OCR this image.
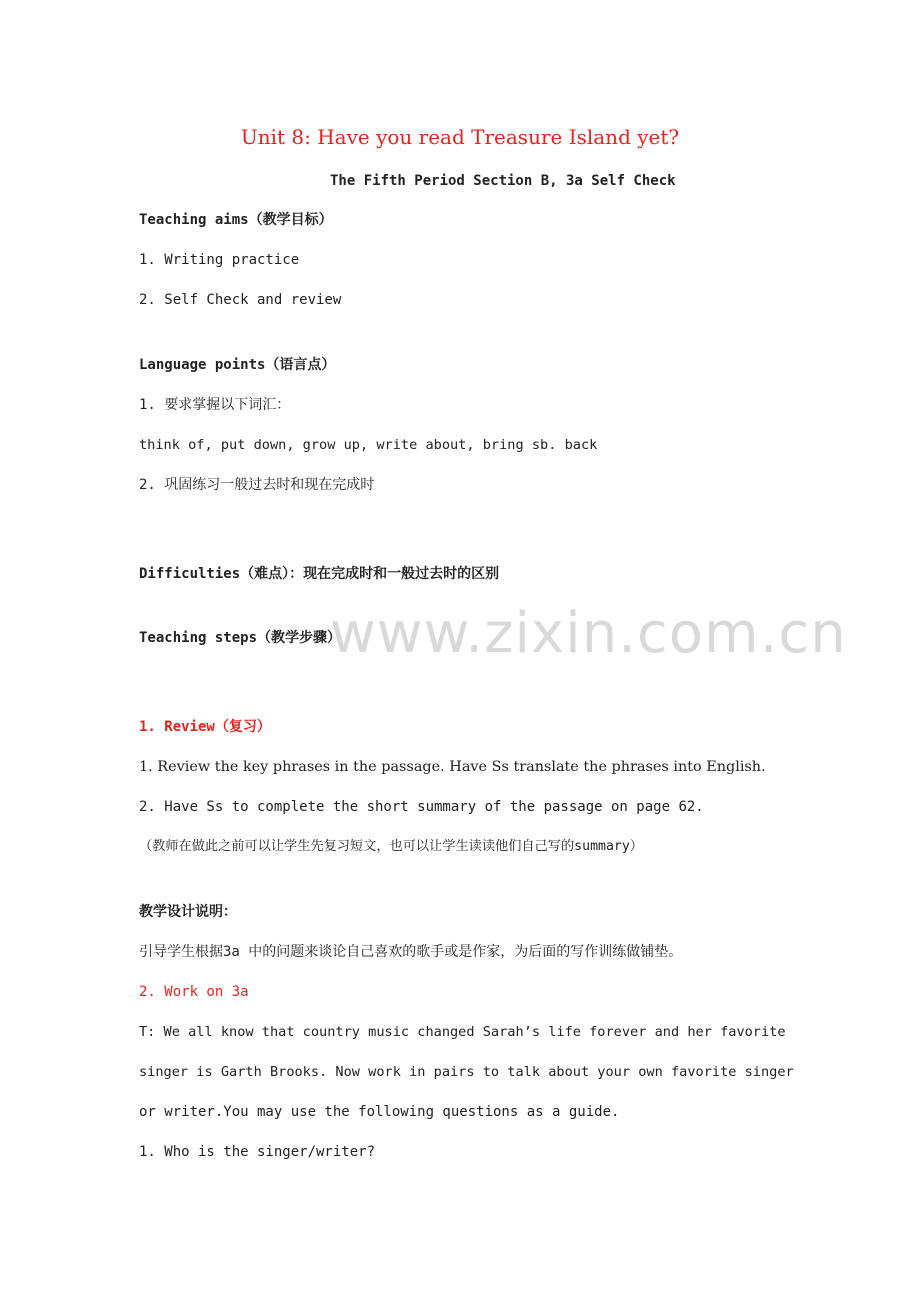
www.zixin.com.cn
Unit 8: Have you read Treasure Island yet?
The Fifth Period Section B, 3a Self Check
Teaching aims（教学目标）
1. Writing practice
2. Self Check and review
Language points（语言点）
1. 要求掌握以下词汇：
think of, put down, grow up, write about, bring sb. back
2. 巩固练习一般过去时和现在完成时
Difficulties（难点）：现在完成时和一般过去时的区别
Teaching steps（教学步骤）
1. Review（复习）
1. Review the key phrases in the passage. Have Ss translate the phrases into English.
2. Have Ss to complete the short summary of the passage on page 62.
（教师在做此之前可以让学生先复习短文，也可以让学生读读他们自己写的summary）
教学设计说明：
引导学生根据3a 中的问题来谈论自己喜欢的歌手或是作家，为后面的写作训练做铺垫。
2. Work on 3a
T: We all know that country music changed Sarah’s life forever and her favorite
singer is Garth Brooks. Now work in pairs to talk about your own favorite singer
or writer.You may use the following questions as a guide.
1. Who is the singer/writer?
